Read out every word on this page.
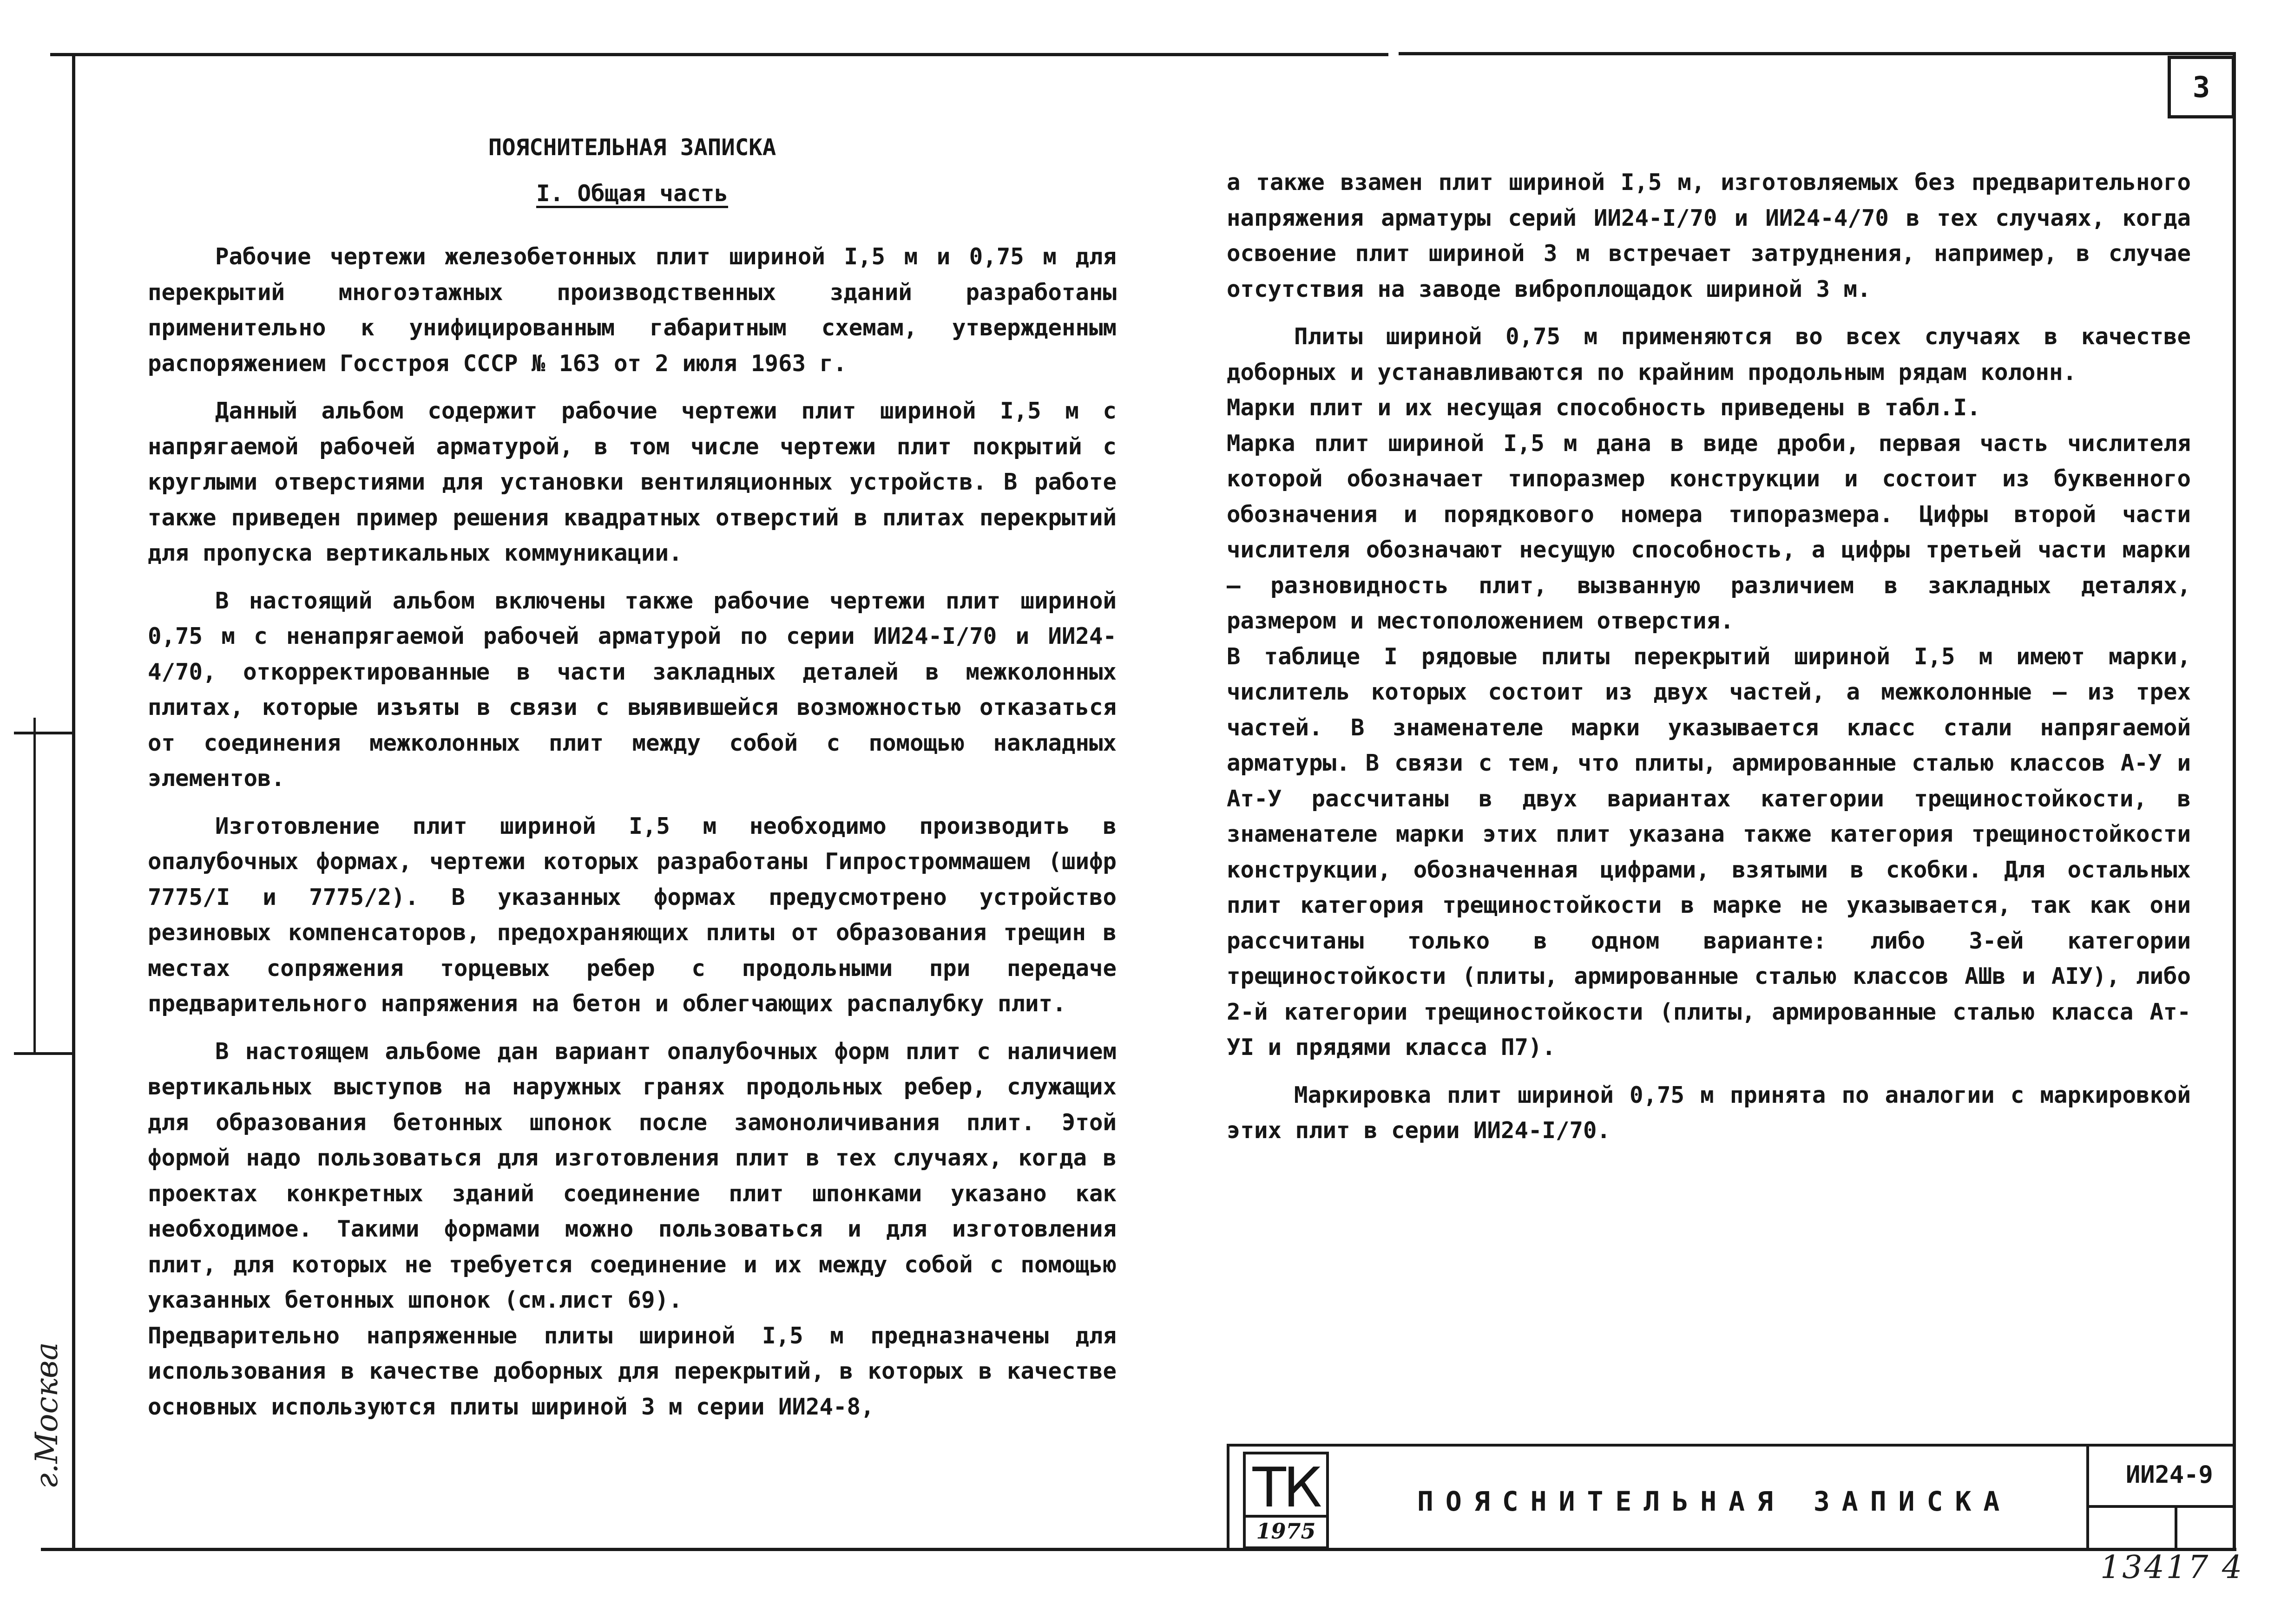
3
г.Москва

ПОЯСНИТЕЛЬНАЯ ЗАПИСКА

I. Общая часть

Рабочие чертежи железобетонных плит шириной I,5 м и 0,75 м для перекрытий многоэтажных производственных зданий разработаны применительно к унифицированным габаритным схемам, утвержденным распоряжением Госстроя СССР № 163 от 2 июля 1963 г.

Данный альбом содержит рабочие чертежи плит шириной I,5 м с напрягаемой рабочей арматурой, в том числе чертежи плит покрытий с круглыми отверстиями для установки вентиляционных устройств. В работе также приведен пример решения квадратных отверстий в плитах перекрытий для пропуска вертикальных коммуникации.

В настоящий альбом включены также рабочие чертежи плит шириной 0,75 м с ненапрягаемой рабочей арматурой по серии ИИ24-I/70 и ИИ24-4/70, откорректированные в части закладных деталей в межколонных плитах, которые изъяты в связи с выявившейся возможностью отказаться от соединения межколонных плит между собой с помощью накладных элементов.

Изготовление плит шириной I,5 м необходимо производить в опалубочных формах, чертежи которых разработаны Гипростроммашем (шифр 7775/I и 7775/2). В указанных формах предусмотрено устройство резиновых компенсаторов, предохраняющих плиты от образования трещин в местах сопряжения торцевых ребер с продольными при передаче предварительного напряжения на бетон и облегчающих распалубку плит.

В настоящем альбоме дан вариант опалубочных форм плит с наличием вертикальных выступов на наружных гранях продольных ребер, служащих для образования бетонных шпонок после замоноличивания плит. Этой формой надо пользоваться для изготовления плит в тех случаях, когда в проектах конкретных зданий соединение плит шпонками указано как необходимое. Такими формами можно пользоваться и для изготовления плит, для которых не требуется соединение и их между собой с помощью указанных бетонных шпонок (см.лист 69).

Предварительно напряженные плиты шириной I,5 м предназначены для использования в качестве доборных для перекрытий, в которых в качестве основных используются плиты шириной 3 м серии ИИ24-8,

а также взамен плит шириной I,5 м, изготовляемых без предварительного напряжения арматуры серий ИИ24-I/70 и ИИ24-4/70 в тех случаях, когда освоение плит шириной 3 м встречает затруднения, например, в случае отсутствия на заводе виброплощадок шириной 3 м.

Плиты шириной 0,75 м применяются во всех случаях в качестве доборных и устанавливаются по крайним продольным рядам колонн.

Марки плит и их несущая способность приведены в табл.I.

Марка плит шириной I,5 м дана в виде дроби, первая часть числителя которой обозначает типоразмер конструкции и состоит из буквенного обозначения и порядкового номера типоразмера. Цифры второй части числителя обозначают несущую способность, а цифры третьей части марки – разновидность плит, вызванную различием в закладных деталях, размером и местоположением отверстия.

В таблице I рядовые плиты перекрытий шириной I,5 м имеют марки, числитель которых состоит из двух частей, а межколонные – из трех частей. В знаменателе марки указывается класс стали напрягаемой арматуры. В связи с тем, что плиты, армированные сталью классов А-У и Ат-У рассчитаны в двух вариантах категории трещиностойкости, в знаменателе марки этих плит указана также категория трещиностойкости конструкции, обозначенная цифрами, взятыми в скобки. Для остальных плит категория трещиностойкости в марке не указывается, так как они рассчитаны только в одном варианте: либо 3-ей категории трещиностойкости (плиты, армированные сталью классов АШв и АIУ), либо 2-й категории трещиностойкости (плиты, армированные сталью класса Ат-УI и прядями класса П7).

Маркировка плит шириной 0,75 м принята по аналогии с маркировкой этих плит в серии ИИ24-I/70.

ТК
1975
ПОЯСНИТЕЛЬНАЯ ЗАПИСКА
ИИ24-9
13417 4
